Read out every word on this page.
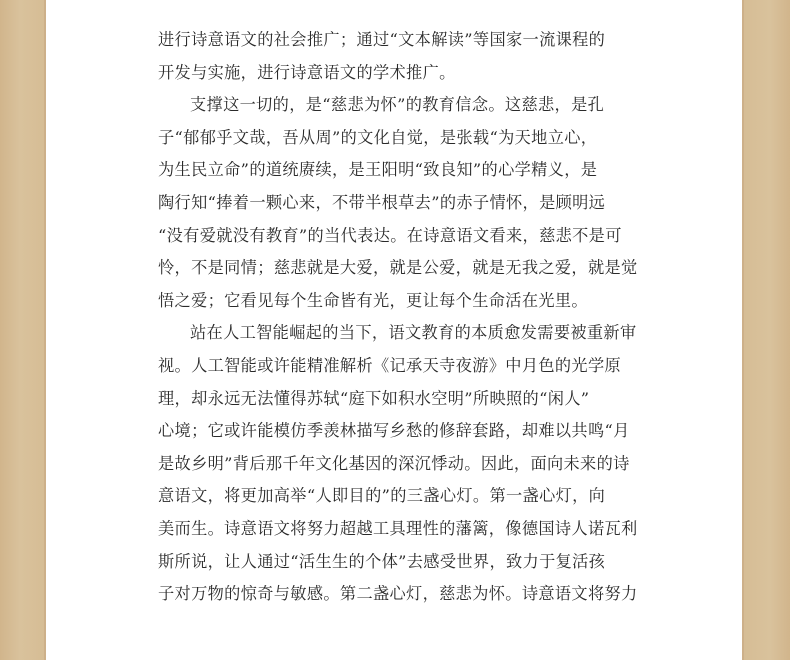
进行诗意语文的社会推广；通过“文本解读”等国家一流课程的
开发与实施，进行诗意语文的学术推广。
支撑这一切的，是“慈悲为怀”的教育信念。这慈悲，是孔
子“郁郁乎文哉，吾从周”的文化自觉，是张载“为天地立心，
为生民立命”的道统赓续，是王阳明“致良知”的心学精义，是
陶行知“捧着一颗心来，不带半根草去”的赤子情怀，是顾明远
“没有爱就没有教育”的当代表达。在诗意语文看来，慈悲不是可
怜，不是同情；慈悲就是大爱，就是公爱，就是无我之爱，就是觉
悟之爱；它看见每个生命皆有光，更让每个生命活在光里。
站在人工智能崛起的当下，语文教育的本质愈发需要被重新审
视。人工智能或许能精准解析《记承天寺夜游》中月色的光学原
理，却永远无法懂得苏轼“庭下如积水空明”所映照的“闲人”
心境；它或许能模仿季羡林描写乡愁的修辞套路，却难以共鸣“月
是故乡明”背后那千年文化基因的深沉悸动。因此，面向未来的诗
意语文，将更加高举“人即目的”的三盏心灯。第一盏心灯，向
美而生。诗意语文将努力超越工具理性的藩篱，像德国诗人诺瓦利
斯所说，让人通过“活生生的个体”去感受世界，致力于复活孩
子对万物的惊奇与敏感。第二盏心灯，慈悲为怀。诗意语文将努力
